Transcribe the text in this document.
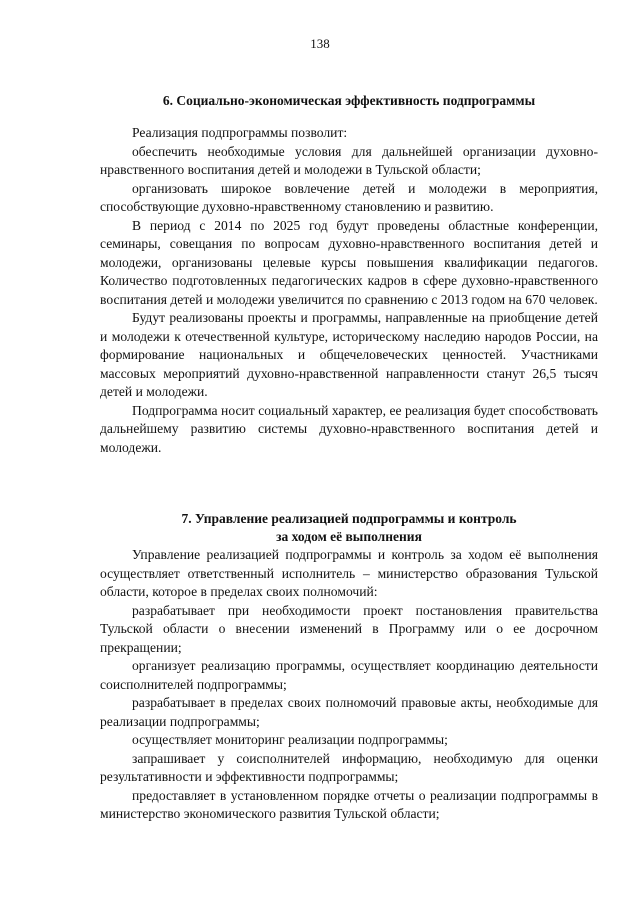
138
6. Социально-экономическая эффективность подпрограммы

Реализация подпрограммы позволит:

обеспечить необходимые условия для дальнейшей организации духовно-нравственного воспитания детей и молодежи в Тульской области;

организовать широкое вовлечение детей и молодежи в мероприятия, способствующие духовно-нравственному становлению и развитию.

В период с 2014 по 2025 год будут проведены областные конференции, семинары, совещания по вопросам духовно-нравственного воспитания детей и молодежи, организованы целевые курсы повышения квалификации педагогов. Количество подготовленных педагогических кадров в сфере духовно-нравственного воспитания детей и молодежи увеличится по сравнению с 2013 годом на 670 человек.

Будут реализованы проекты и программы, направленные на приобщение детей и молодежи к отечественной культуре, историческому наследию народов России, на формирование национальных и общечеловеческих ценностей. Участниками массовых мероприятий духовно-нравственной направленности станут 26,5 тысяч детей и молодежи.

Подпрограмма носит социальный характер, ее реализация будет способствовать дальнейшему развитию системы духовно-нравственного воспитания детей и молодежи.

7. Управление реализацией подпрограммы и контроль
за ходом её выполнения

Управление реализацией подпрограммы и контроль за ходом её выполнения осуществляет ответственный исполнитель – министерство образования Тульской области, которое в пределах своих полномочий:

разрабатывает при необходимости проект постановления правительства Тульской области о внесении изменений в Программу или о ее досрочном прекращении;

организует реализацию программы, осуществляет координацию деятельности соисполнителей подпрограммы;

разрабатывает в пределах своих полномочий правовые акты, необходимые для реализации подпрограммы;

осуществляет мониторинг реализации подпрограммы;

запрашивает у соисполнителей информацию, необходимую для оценки результативности и эффективности подпрограммы;

предоставляет в установленном порядке отчеты о реализации подпрограммы в министерство экономического развития Тульской области;
